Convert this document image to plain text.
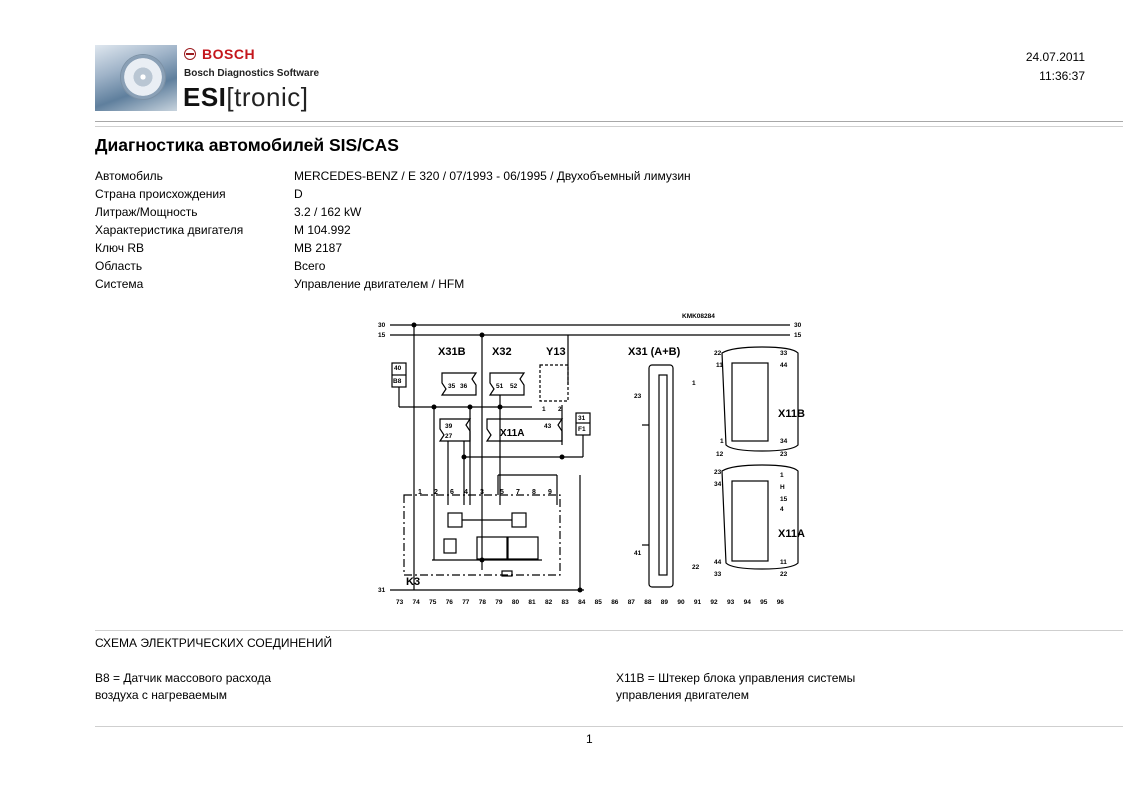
BOSCH
Bosch Diagnostics Software
ESI[tronic]
24.07.2011
11:36:37
Диагностика автомобилей SIS/CAS
Автомобиль	MERCEDES-BENZ / E 320 / 07/1993 - 06/1995 / Двухобъемный лимузин
Страна происхождения	D
Литраж/Мощность	3.2 / 162 kW
Характеристика двигателя	M 104.992
Ключ RB	MB 2187
Область	Всего
Система	Управление двигателем / HFM
KMK08284
30	30
15	15
31
40
B8
31
F1
35 36	51 52
1 2
39
27
43
1
23
41
22
22	33
11	44
1	34
12	23
23	1
34	H
15
4
44	11
33	22
X31B X32	Y13	X31 (A+B)
X11A
X11B
X11A
K3
1 2 6 4 3 5 7 8 9
73 74 75 76 77 78 79 80 81 82 83 84 85 86 87 88 89 90 91 92 93 94 95 96
СХЕМА ЭЛЕКТРИЧЕСКИХ СОЕДИНЕНИЙ
B8 = Датчик массового расхода
воздуха с нагреваемым
X11B = Штекер блока управления системы
управления двигателем
1
